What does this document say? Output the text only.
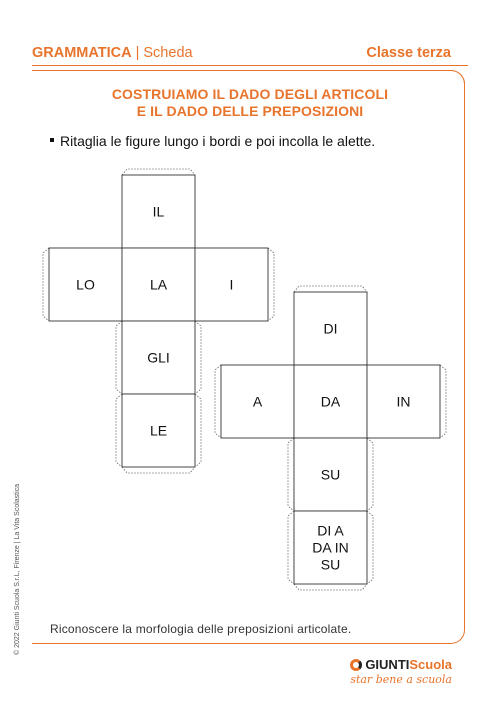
GRAMMATICA | Scheda	Classe terza
COSTRUIAMO IL DADO DEGLI ARTICOLI
E IL DADO DELLE PREPOSIZIONI
Ritaglia le figure lungo i bordi e poi incolla le alette.
IL
LO	LA	I
GLI
LE
DI
A	DA	IN
SU
DI A
DA IN
SU
Riconoscere la morfologia delle preposizioni articolate.
© 2022 Giunti Scuola S.r.L, Firenze | La Vita Scolastica
GIUNTI Scuola
star bene a scuola
